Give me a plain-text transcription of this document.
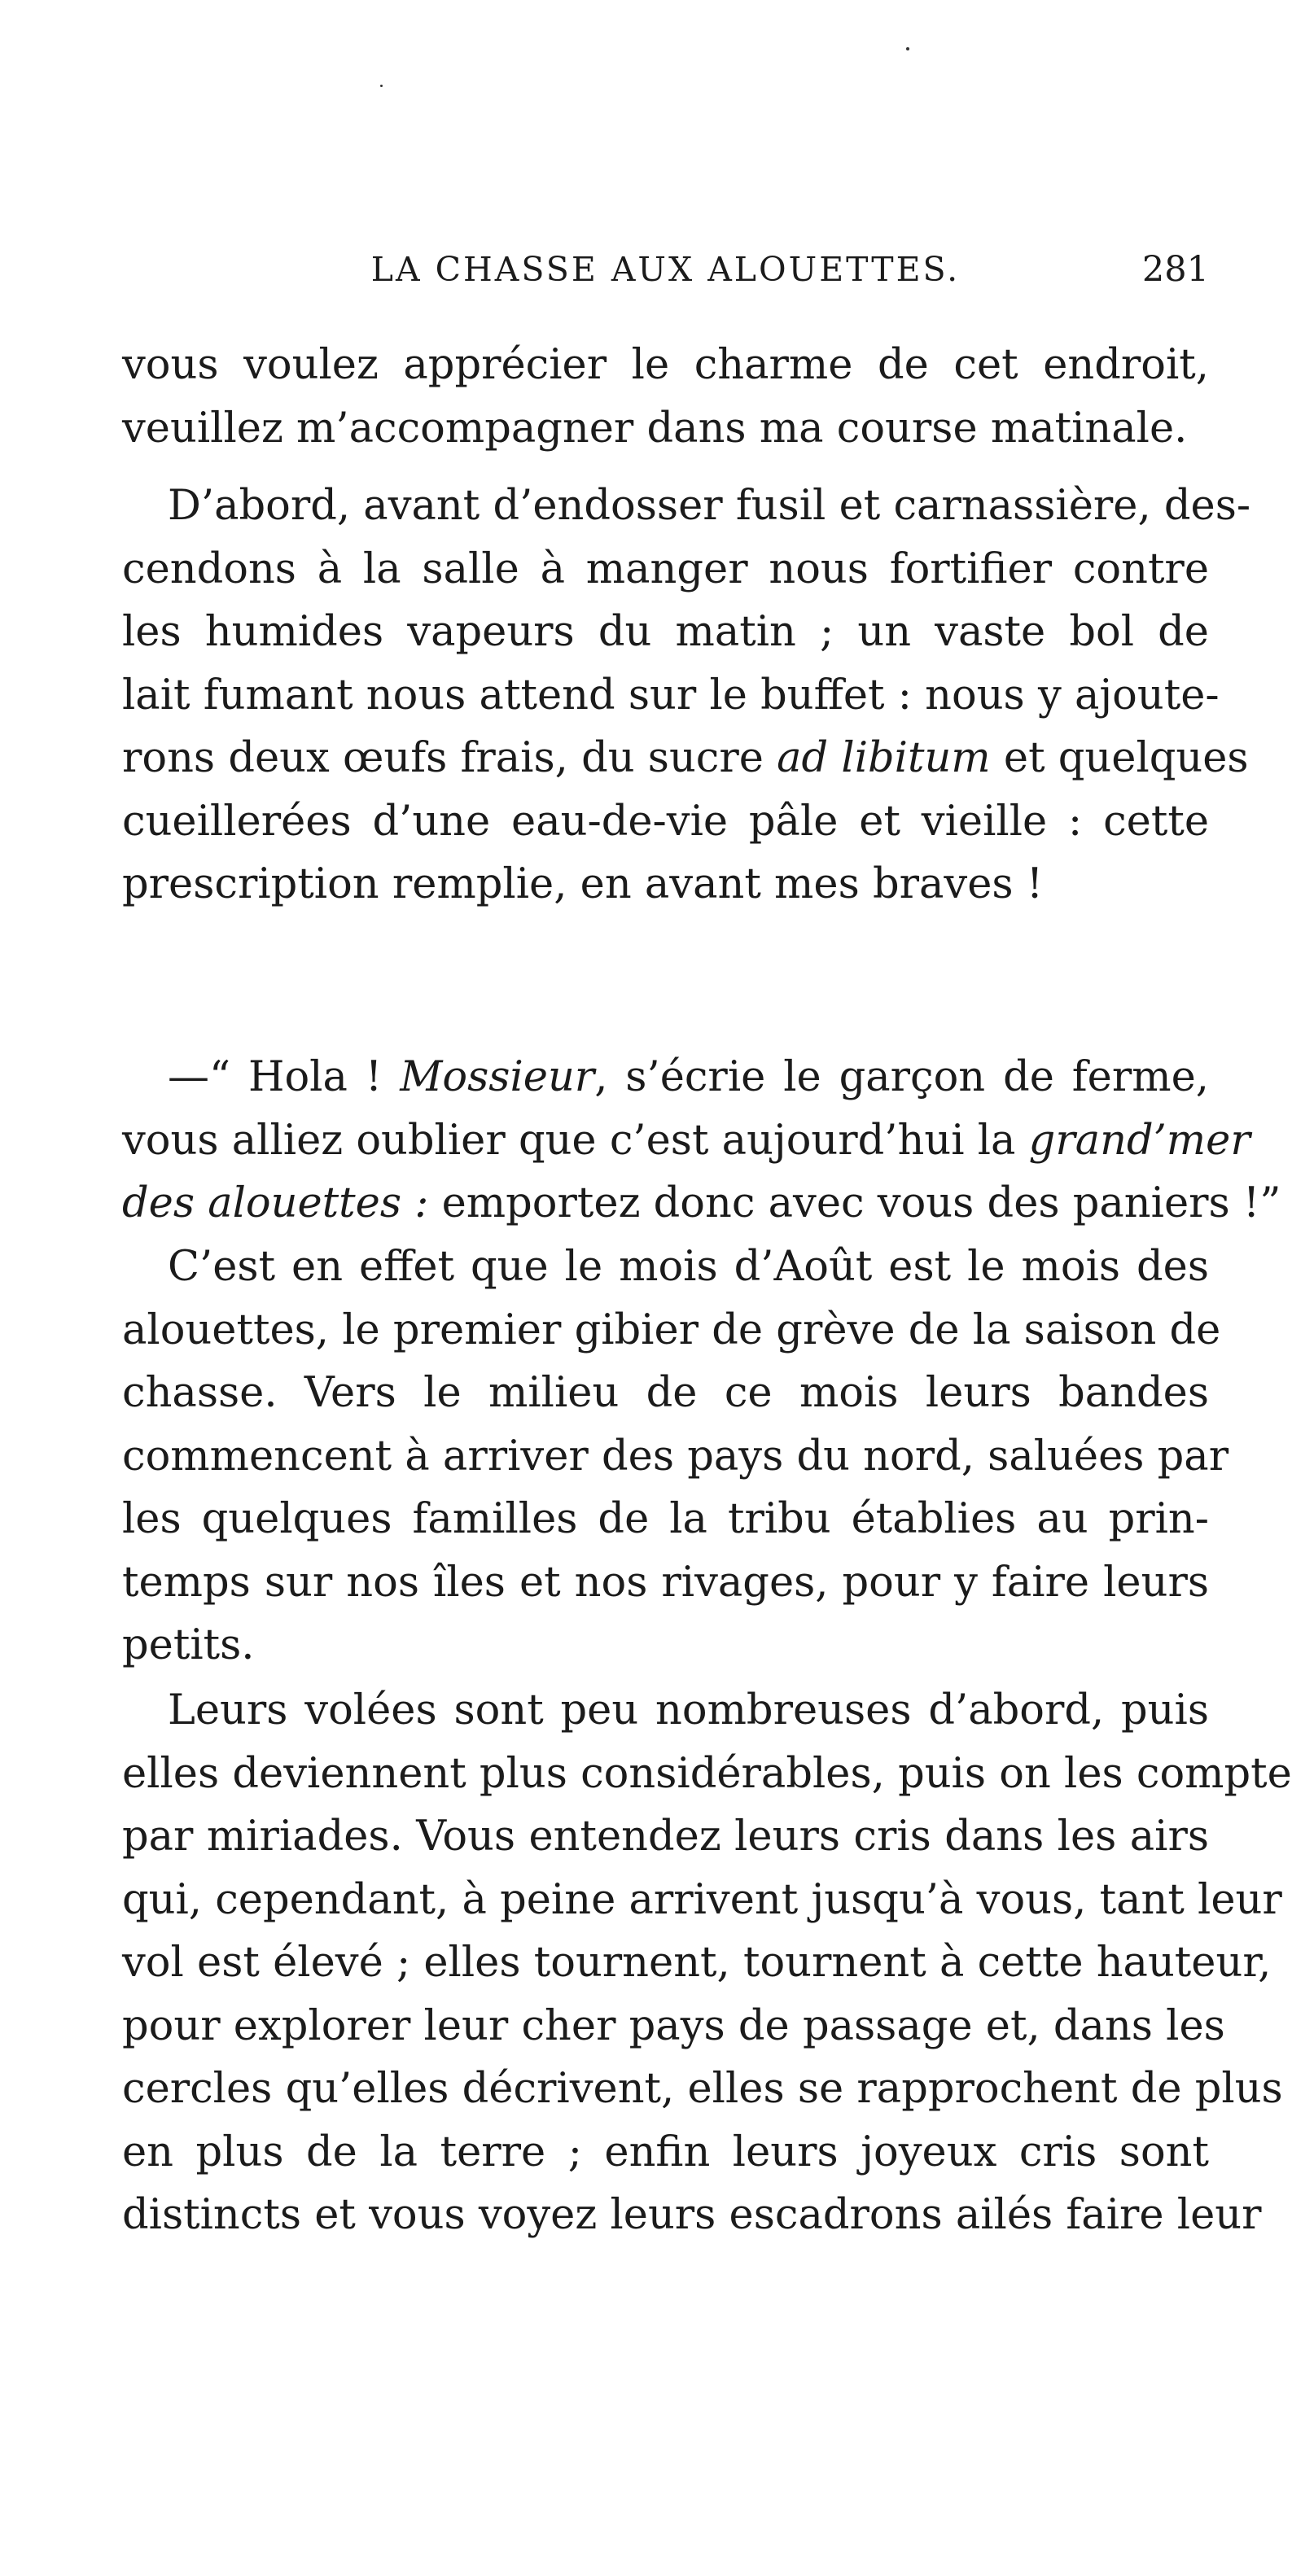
LA CHASSE AUX ALOUETTES.	281
vous voulez apprécier le charme de cet endroit,
veuillez m’accompagner dans ma course matinale.
D’abord, avant d’endosser fusil et carnassière, des-
cendons à la salle à manger nous fortifier contre
les humides vapeurs du matin ; un vaste bol de
lait fumant nous attend sur le buffet : nous y ajoute-
rons deux œufs frais, du sucre ad libitum et quelques
cueillerées d’une eau-de-vie pâle et vieille : cette
prescription remplie, en avant mes braves !
—“ Hola ! Mossieur, s’écrie le garçon de ferme,
vous alliez oublier que c’est aujourd’hui la grand’mer
des alouettes : emportez donc avec vous des paniers !”
C’est en effet que le mois d’Août est le mois des
alouettes, le premier gibier de grève de la saison de
chasse. Vers le milieu de ce mois leurs bandes
commencent à arriver des pays du nord, saluées par
les quelques familles de la tribu établies au prin-
temps sur nos îles et nos rivages, pour y faire leurs
petits.
Leurs volées sont peu nombreuses d’abord, puis
elles deviennent plus considérables, puis on les compte
par miriades. Vous entendez leurs cris dans les airs
qui, cependant, à peine arrivent jusqu’à vous, tant leur
vol est élevé ; elles tournent, tournent à cette hauteur,
pour explorer leur cher pays de passage et, dans les
cercles qu’elles décrivent, elles se rapprochent de plus
en plus de la terre ; enfin leurs joyeux cris sont
distincts et vous voyez leurs escadrons ailés faire leur
